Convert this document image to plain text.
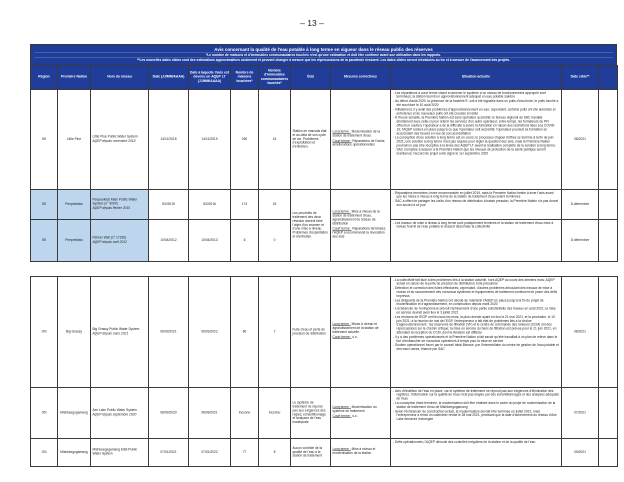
– 13 –
Avis concernant la qualité de l'eau potable à long terme en vigueur dans le réseau public des réserves
*Le nombre de maisons et d'immeubles communautaires touchés n'est qu'une estimation et doit être confirmé avant son utilisation dans les rapports.
**Les nouvelles dates cibles sont des estimations approximatives seulement et peuvent changer à mesure que les répercussions de la pandémie évoluent. Les dates cibles seront réévaluées au fur et à mesure de l'avancement des projets.
Région	Première Nation	Nom du réseau	Date (JJ/MM/AAAA)	Date à laquelle l'avis est devenu un AQEP LT (JJ/MM/AAAA)	Nombre de maisons touchées*	Nombre d'immeubles communautaires touchés*	État	Mesures correctives	Situation actuelle	Date cible**	
SK	Little Pine	
Little Pine Public Water System
AQEP depuis novembre 2018
	14/11/2018	14/11/2019	260	15	Station en mauvais état et au-delà de son cycle de vie. Problèmes d'exploitation et d'entretien.	
Long terme : Modernisation de la station de traitement d'eau.
Court terme : Réparations de l'usine, améliorations opérationnelles

- Les réparations à court terme visant à ramener le système à un niveau de fonctionnement approprié sont terminées; la station fournit un approvisionnement adéquat en eau potable salubre
- Au début d'août 2020, la présence de la bactérie E. coli a été signalée dans un puits d'eau brute; le puits touché a été surchloré le 10 août 2020
- Initialement, il y avait des problèmes d'approvisionnement en eau; cependant, certains puits ont été autorisés et entretenus et de nouveaux puits ont été creusés et reliés
- À l'heure actuelle, la Première Nation est sans opérateur accrédité; le bureau régional de SAC travaille étroitement avec celle-ci pour retenir les services d'un autre opérateur; entre-temps, les formateurs du PFI offrent un soutien; l'opérateur a de la difficulté à suivre la formation en raison des restrictions liées à la COVID-19; l'AQEP restera en place jusqu'à ce que l'opérateur soit accrédité; l'opérateur poursuit sa formation en accumulant des heures en vue de son accréditation
- La conception d'une solution à long terme est en cours; le processus d'appel d'offres se termine à la fin de juin 2021; une solution à long terme n'est pas requise pour régler la question des avis, mais la Première Nation pourrait ne pas être réceptive à la levée des AQEP LT avant la réalisation complète de la solution à long terme; SAC s'emploie à assurer à la Première Nation que les niveaux de protection de la santé publique seront maintenus; l'accord de projet a été signé le 1er septembre 2020
	08/2021	
SK	Peepeekisis	
Peepeekisis Main Public Water System (n° 9000)
AQEP depuis février 2015
	5/2/2015	5/2/2016	174	15	Les procédés de traitement des deux réseaux doivent faire l'objet d'un examen et d'une mise à niveau. Problèmes d'exploitation et d'entretien.	
Long terme : Mise à niveau de la station de traitement d'eau, agrandissement du réseau de distribution
Court terme : Réparations terminées; l'AQEP a recommandé la révocation des avis

- Réparations terminées; levée recommandée en juillet 2019, mais la Première Nation hésite à lever l'avis avant que les mises à niveau à long terme de la station de traitement d'eau soient terminées
- SAC a offert de partager les coûts d'un réseau de distribution à basse pression; la Première Nation n'a pas donné son accord à ce jour	À déterminer	
SK	Peepeekisis	Pelmer Well (n° 17156)
AQEP depuis avril 2012	10/04/2012	10/04/2013	6	0			- Les travaux de mise à niveau à long terme sont pratiquement terminés et la station de traitement d'eau mise à niveau fournit de l'eau potable et dessert désormais la collectivité	À déterminer	
ON	Big Grassy	
Big Grassy Public Water System
AQEP depuis mars 2021
	06/03/2021	06/03/2022	80	7	Fuite d'eau et perte de pression de distribution	
Long terme : Mises à niveau et agrandissement de la station de traitement actuelle.
Court terme : s.o.

- La collectivité fait face à des problèmes liés à la station actuelle, hors AQEP au cours des derniers mois; AQEP actuel en raison de la perte de pression de distribution, fuite présumée
- Détection et correction des fuites effectuées; cependant, d'autres problèmes découlant des travaux de mise à niveau et du raccordement des nouveaux systèmes et équipements de traitement continuent de poser des défis imprévus
- Les dirigeants de la Première Nation ont décidé de maintenir l'AQEP en place jusqu'à la fin du projet de modernisation et d'agrandissement, en construction depuis mars 2020
- L'échéancier de l'entrepreneur prévoit l'achèvement d'une partie substantielle des travaux en août 2021; la mise en service devrait avoir lieu le 3 juillet 2021
- Les réunions de l'EGP ont lieu tous les mois, la plus récente ayant eu lieu le 21 mai 2021, et la prochaine, le 10 juin 2021; à la réunion de mai de l'EGP, l'entrepreneur a fait état de problèmes liés à la chaîne d'approvisionnement : les réservoirs de filtration (VF) et le centre de commande des moteurs (CCM) ont des répercussions sur le chemin critique; la mise en service du banc de filtration est prévue pour le 21 juin 2021, en attendant la réception du CCM, dont la livraison est différée
- Il y a des problèmes opérationnels et la Première Nation a fait savoir qu'elle travaillait à un plan de relève dans le but d'embaucher de nouveaux opérateurs à temps pour la mise en service
- Soutien opérationnel fourni par le conseil tribal Bimose, par l'intermédiaire du centre de gestion de l'eau potable et des eaux usées, financé par SAC
	08/2021	
ON	Mishkeegogamang	
Axe Lake Public Water System
AQEP depuis septembre 2020
	08/09/2020	08/09/2021	Inconnu	Inconnu	Le système de traitement ne répond pas aux exigences des règles; échantillonnage et analyses de l'eau inadéquats	
Long terme : Modernisation du système de traitement
Court terme : s.o.

- Avis d'ébullition de l'eau en place, car le système de traitement ne répond pas aux exigences d'élimination des registres; l'information sur la qualité de l'eau n'est pas étayée par des échantillonnages et des analyses adéquats de l'eau
- La conception étant terminée, la modernisation doit être réalisée dans le cadre du projet de modernisation de la station de traitement d'eau de Mishkeegogamang
- Selon l'échéancier de construction actuel, la modernisation devrait être terminée en juillet 2021, mais l'entrepreneur a remis un calendrier révisé le 28 mai 2021, précisant que la date d'achèvement du réseau d'Axe Lake demeure inchangée
	07/2021	
ON	Mishkeegogamang	Mishkeegogamang ESB Public Water System	07/01/2021	07/01/2022	77	8	Aucun contrôle de la qualité de l'eau à la station de traitement	Long terme : Mise à niveau et modernisation de la station	- Défis opérationnels; l'AQEP découle des contrôles irréguliers de la station et de la qualité de l'eau	09/2021	
